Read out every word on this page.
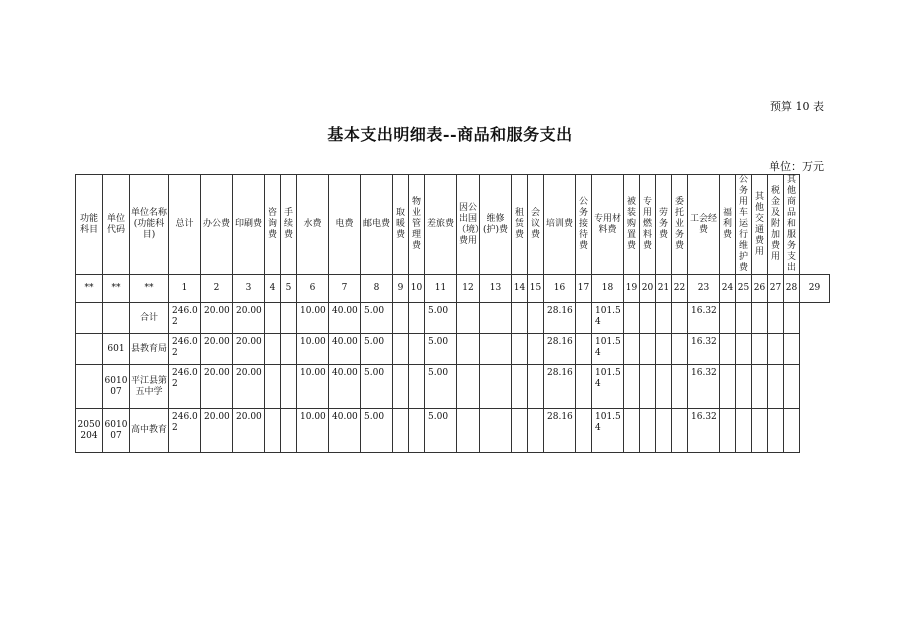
预算 10 表
基本支出明细表--商品和服务支出
单位：万元
功能科目	单位代码	单位名称(功能科目)	总计	办公费	印刷费	咨询费	手续费	水费	电费	邮电费	取暖费	物业管理费	差旅费	因公出国（境）费用	维修(护)费	租赁费	会议费	培训费	公务接待费	专用材料费	被装购置费	专用燃料费	劳务费	委托业务费	工会经费	福利费	公务用车运行维护费	其他交通费用	税金及附加费用	其他商品和服务支出	

**	**	**	1	2	3	4	5	6	7	8	9	10	11	12	13	14	15	16	17	18	19	20	21	22	23	24	25	26	27	28	29

		合计	246.02	20.00	20.00			10.00	40.00	5.00			5.00					28.16		101.54					16.32						

	601	县教育局	246.02	20.00	20.00			10.00	40.00	5.00			5.00					28.16		101.54					16.32						

	601007	平江县第五中学	246.02	20.00	20.00			10.00	40.00	5.00			5.00					28.16		101.54					16.32						

2050204	601007	高中教育	246.02	20.00	20.00			10.00	40.00	5.00			5.00					28.16		101.54					16.32						
